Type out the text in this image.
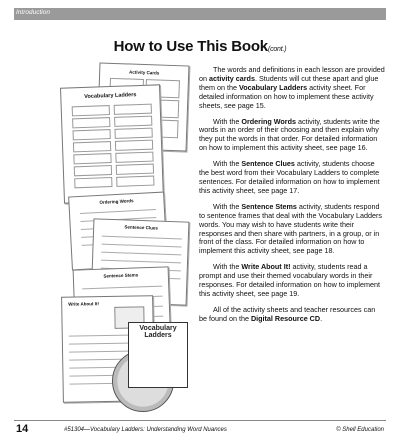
Introduction
How to Use This Book(cont.)
Activity Cards
Vocabulary Ladders
Ordering Words
Sentence Clues
Sentence Stems
Write About It!
Vocabulary Ladders

The words and definitions in each lesson are provided on activity cards. Students will cut these apart and glue them on the Vocabulary Ladders activity sheet. For detailed information on how to implement these activity sheets, see page 15.

With the Ordering Words activity, students write the words in an order of their choosing and then explain why they put the words in that order. For detailed information on how to implement this activity sheet, see page 16.

With the Sentence Clues activity, students choose the best word from their Vocabulary Ladders to complete sentences. For detailed information on how to implement this activity sheet, see page 17.

With the Sentence Stems activity, students respond to sentence frames that deal with the Vocabulary Ladders words. You may wish to have students write their responses and then share with partners, in a group, or in front of the class. For detailed information on how to implement this activity sheet, see page 18.

With the Write About It! activity, students read a prompt and use their themed vocabulary words in their responses. For detailed information on how to implement this activity sheet, see page 19.

All of the activity sheets and teacher resources can be found on the Digital Resource CD.

14	#51304—Vocabulary Ladders: Understanding Word Nuances	© Shell Education
